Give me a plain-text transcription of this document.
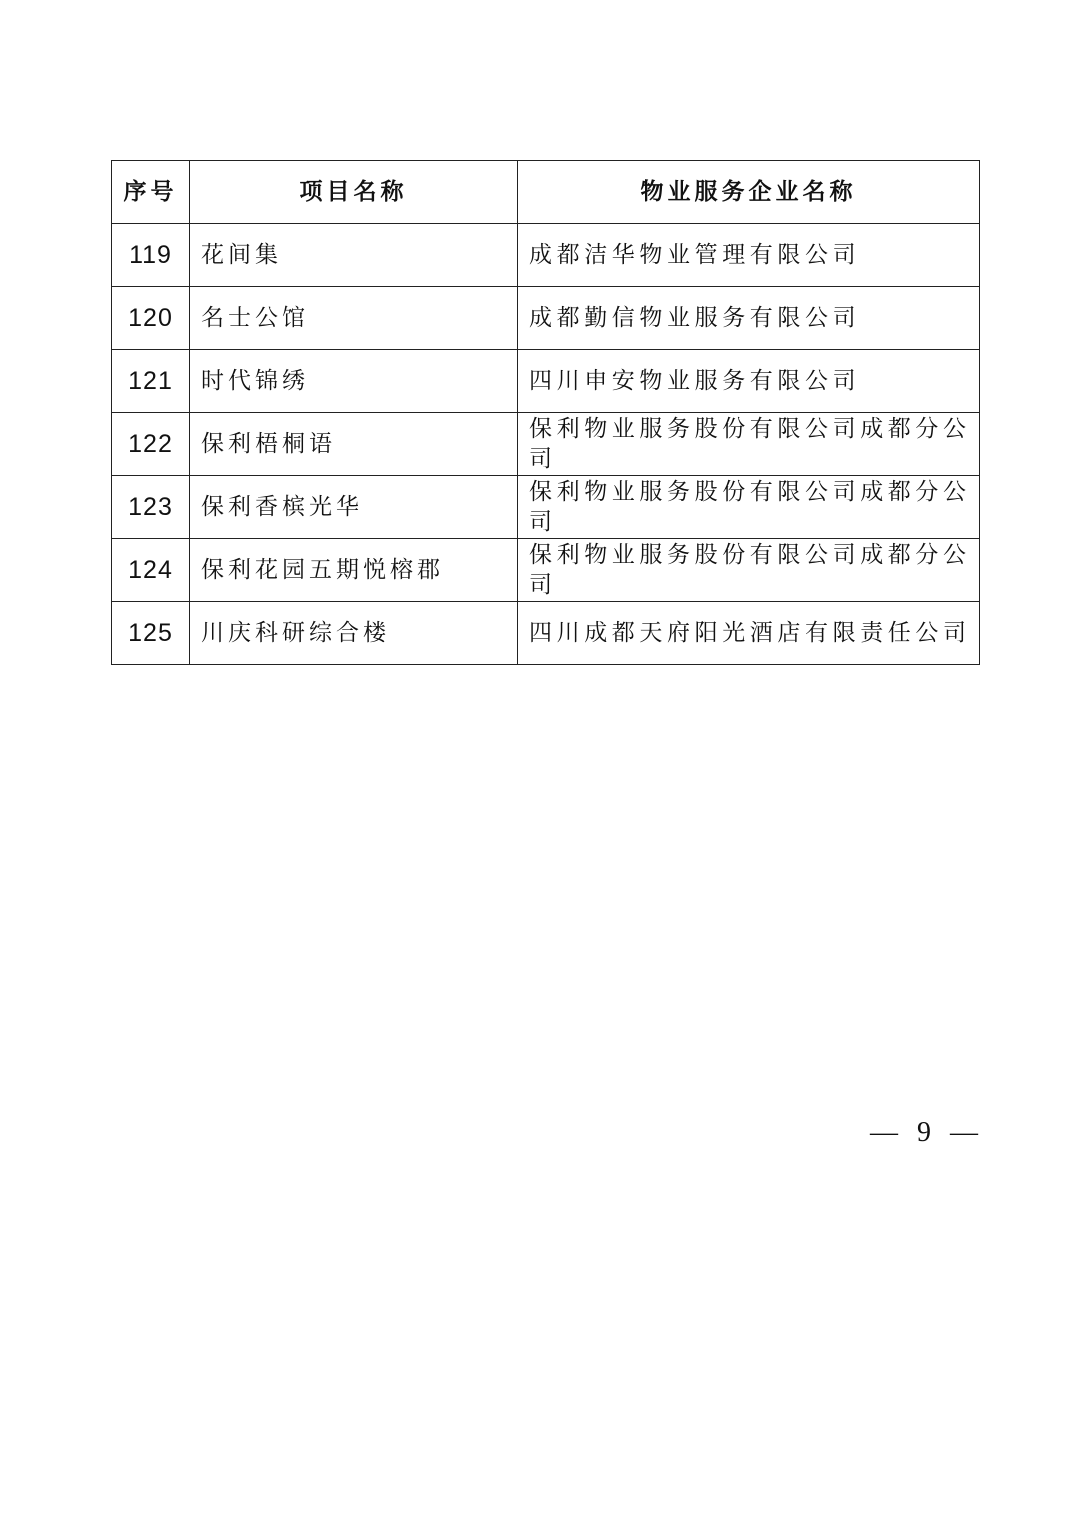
序号	项目名称	物业服务企业名称
119	花间集	成都洁华物业管理有限公司
120	名士公馆	成都勤信物业服务有限公司
121	时代锦绣	四川申安物业服务有限公司
122	保利梧桐语	保利物业服务股份有限公司成都分公司
123	保利香槟光华	保利物业服务股份有限公司成都分公司
124	保利花园五期悦榕郡	保利物业服务股份有限公司成都分公司
125	川庆科研综合楼	四川成都天府阳光酒店有限责任公司
— 9 —
